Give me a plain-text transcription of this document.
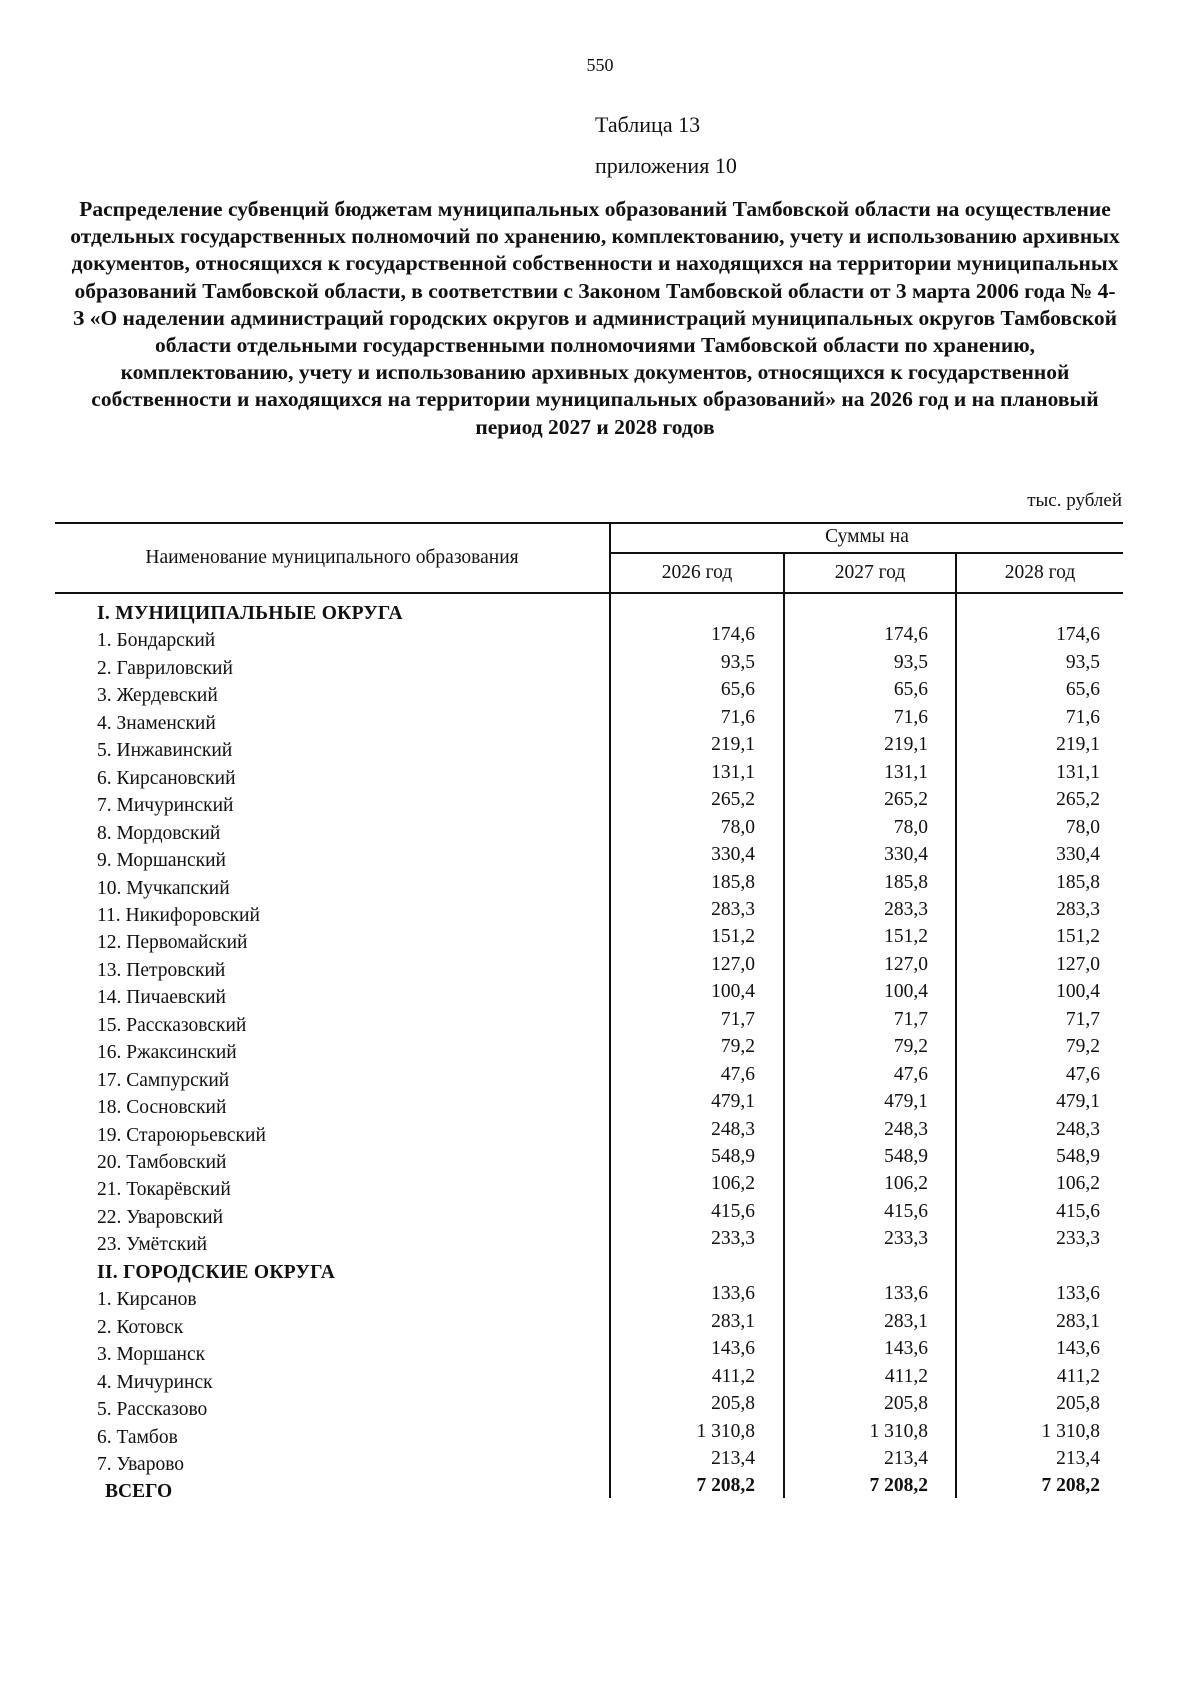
550
Таблица 13
приложения 10
Распределение субвенций бюджетам муниципальных образований Тамбовской области на осуществление отдельных государственных полномочий по хранению, комплектованию, учету и использованию архивных документов, относящихся к государственной собственности и находящихся на территории муниципальных образований Тамбовской области, в соответствии с Законом Тамбовской области от 3 марта 2006 года № 4-З «О наделении администраций городских округов и администраций муниципальных округов Тамбовской области отдельными государственными полномочиями Тамбовской области по хранению, комплектованию, учету и использованию архивных документов, относящихся к государственной собственности и находящихся на территории муниципальных образований» на 2026 год и на плановый период 2027 и 2028 годов
тыс. рублей
Наименование муниципального образования
Суммы на
2026 год	2027 год	2028 год
I. МУНИЦИПАЛЬНЫЕ ОКРУГА
1. Бондарский	174,6	174,6	174,6
2. Гавриловский	93,5	93,5	93,5
3. Жердевский	65,6	65,6	65,6
4. Знаменский	71,6	71,6	71,6
5. Инжавинский	219,1	219,1	219,1
6. Кирсановский	131,1	131,1	131,1
7. Мичуринский	265,2	265,2	265,2
8. Мордовский	78,0	78,0	78,0
9. Моршанский	330,4	330,4	330,4
10. Мучкапский	185,8	185,8	185,8
11. Никифоровский	283,3	283,3	283,3
12. Первомайский	151,2	151,2	151,2
13. Петровский	127,0	127,0	127,0
14. Пичаевский	100,4	100,4	100,4
15. Рассказовский	71,7	71,7	71,7
16. Ржаксинский	79,2	79,2	79,2
17. Сампурский	47,6	47,6	47,6
18. Сосновский	479,1	479,1	479,1
19. Староюрьевский	248,3	248,3	248,3
20. Тамбовский	548,9	548,9	548,9
21. Токарёвский	106,2	106,2	106,2
22. Уваровский	415,6	415,6	415,6
23. Умётский	233,3	233,3	233,3
II. ГОРОДСКИЕ ОКРУГА
1. Кирсанов	133,6	133,6	133,6
2. Котовск	283,1	283,1	283,1
3. Моршанск	143,6	143,6	143,6
4. Мичуринск	411,2	411,2	411,2
5. Рассказово	205,8	205,8	205,8
6. Тамбов	1 310,8	1 310,8	1 310,8
7. Уварово	213,4	213,4	213,4
ВСЕГО	7 208,2	7 208,2	7 208,2
